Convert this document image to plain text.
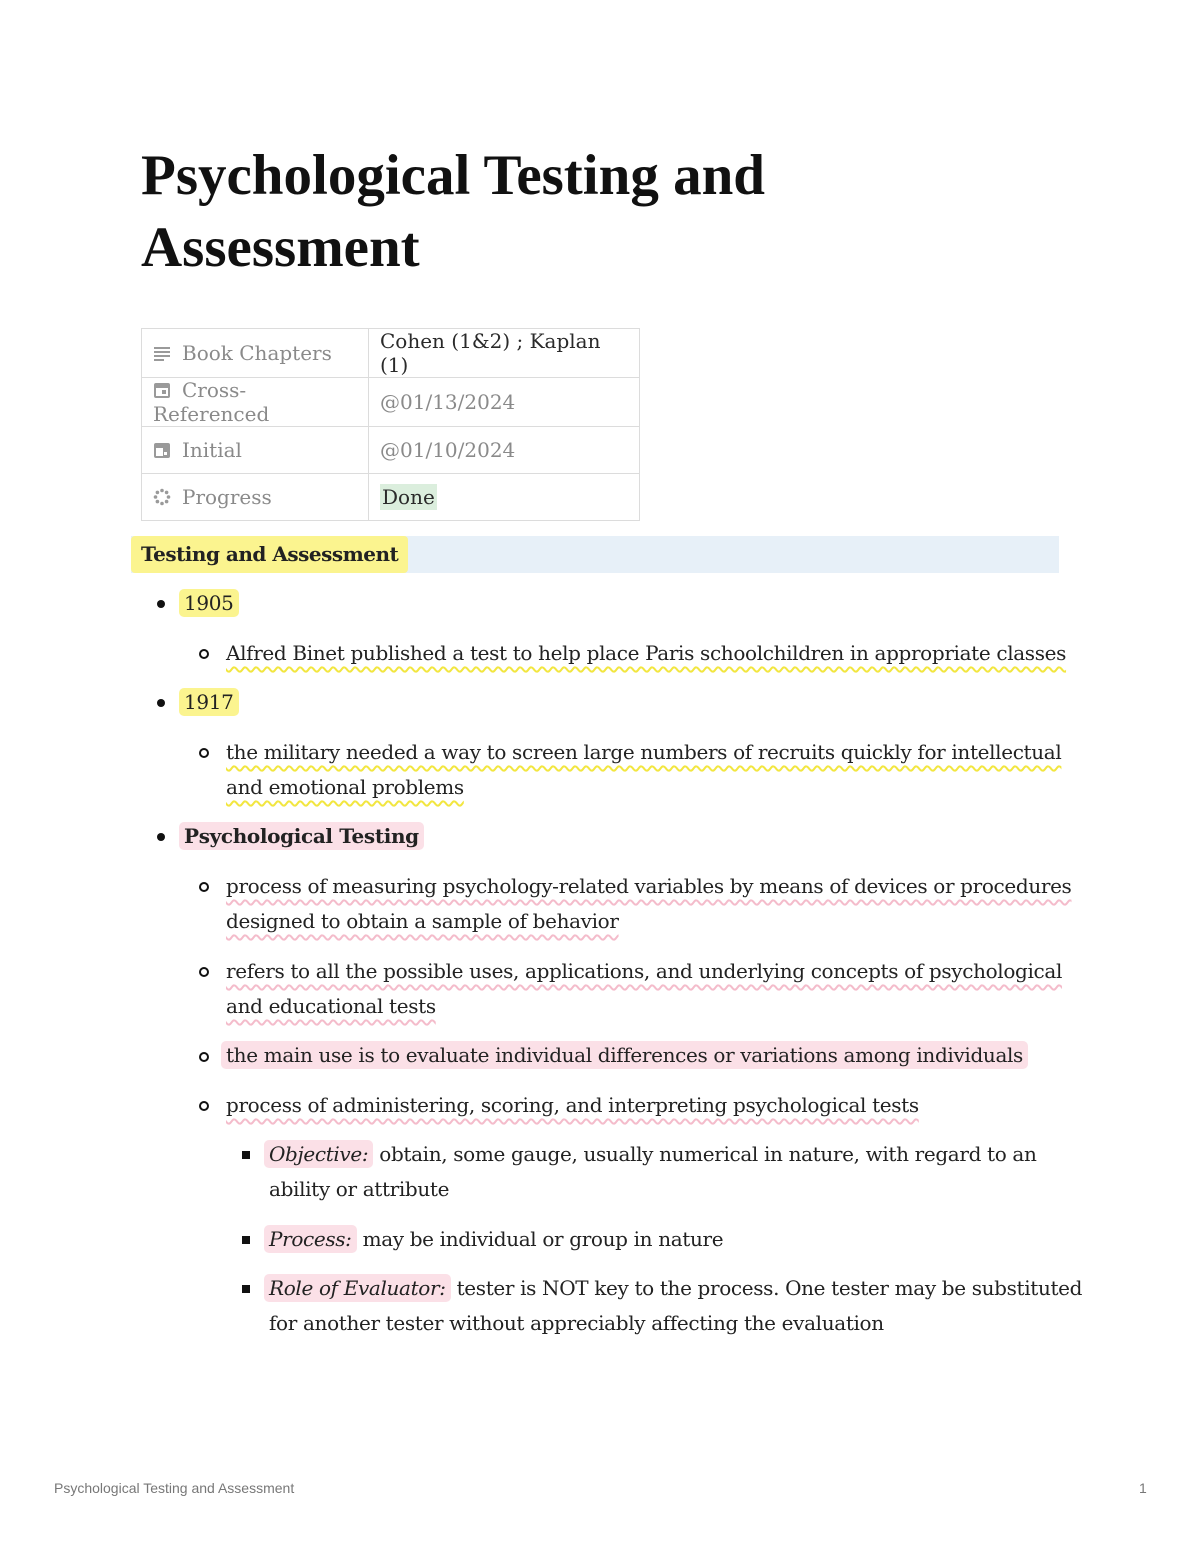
Psychological Testing and
Assessment
Book Chapters	Cohen (1&2) ; Kaplan (1)
Cross-Referenced	@01/13/2024
Initial	@01/10/2024
Progress	Done
Testing and Assessment
1905
Alfred Binet published a test to help place Paris schoolchildren in appropriate classes
1917
the military needed a way to screen large numbers of recruits quickly for intellectual
and emotional problems
Psychological Testing
process of measuring psychology-related variables by means of devices or procedures
designed to obtain a sample of behavior
refers to all the possible uses, applications, and underlying concepts of psychological
and educational tests
the main use is to evaluate individual differences or variations among individuals
process of administering, scoring, and interpreting psychological tests
Objective: obtain, some gauge, usually numerical in nature, with regard to an
ability or attribute
Process: may be individual or group in nature
Role of Evaluator: tester is NOT key to the process. One tester may be substituted
for another tester without appreciably affecting the evaluation
Psychological Testing and Assessment	1
